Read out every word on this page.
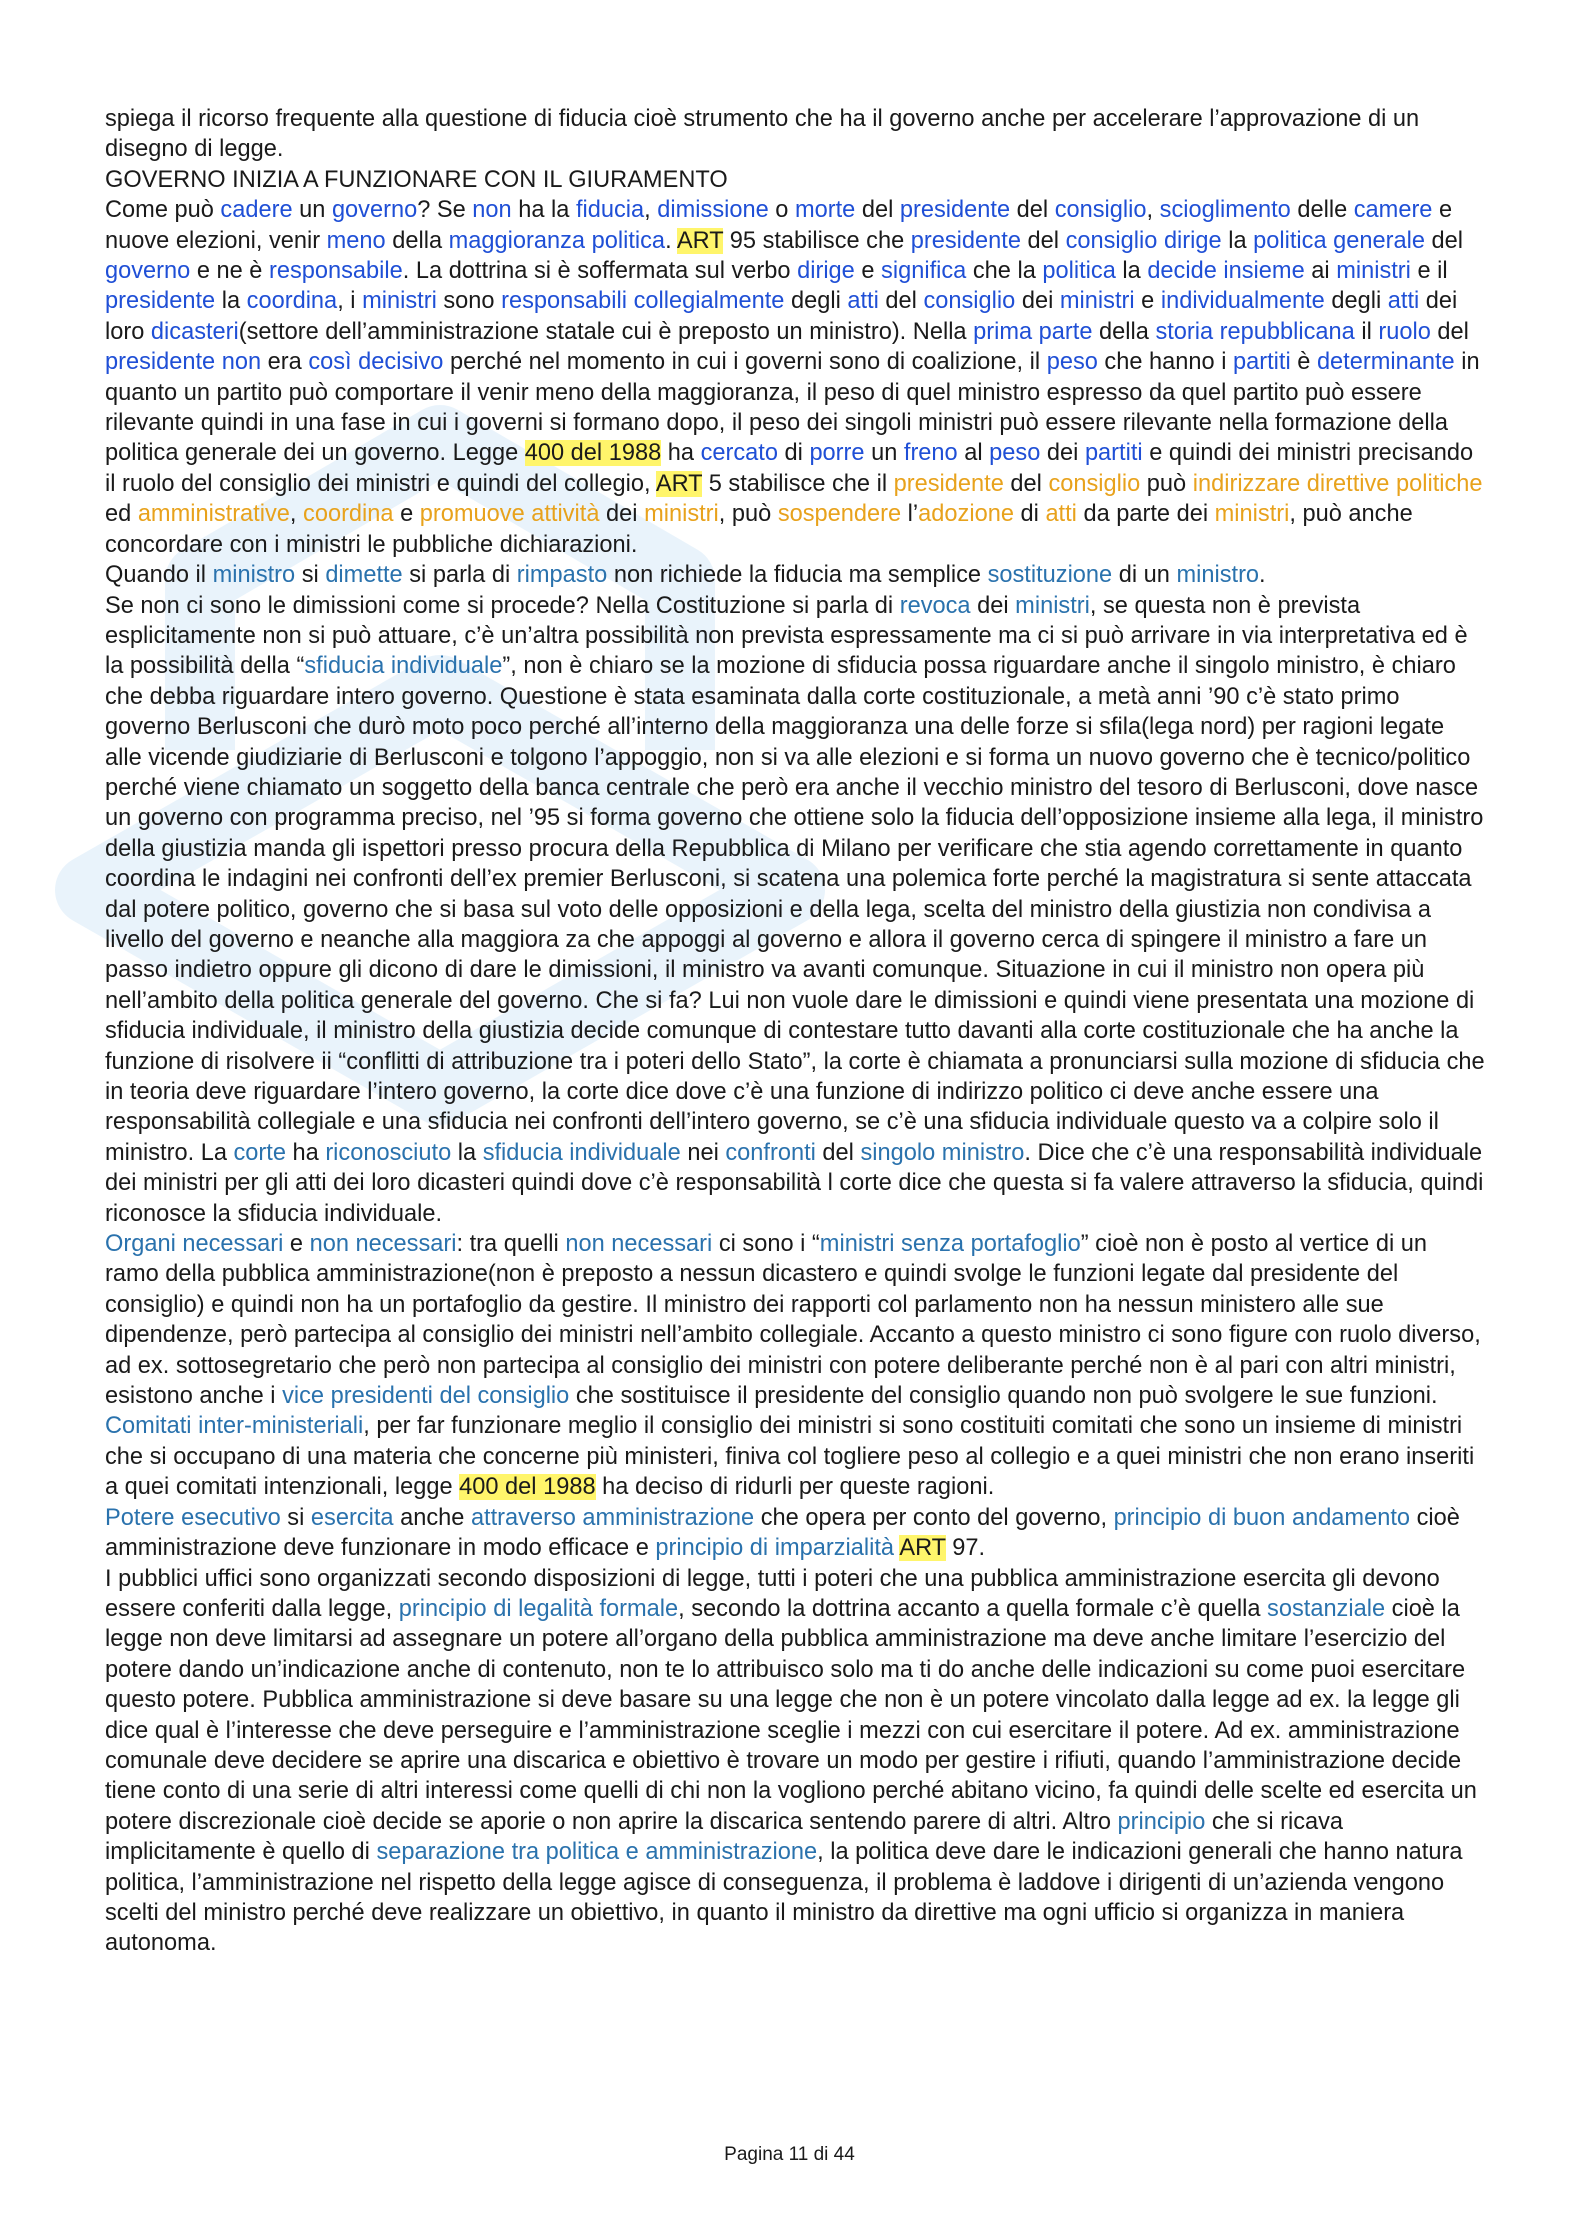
spiega il ricorso frequente alla questione di fiducia cioè strumento che ha il governo anche per accelerare l’approvazione di un disegno di legge.

GOVERNO INIZIA A FUNZIONARE CON IL GIURAMENTO

Come può cadere un governo? Se non ha la fiducia, dimissione o morte del presidente del consiglio, scioglimento delle camere e nuove elezioni, venir meno della maggioranza politica. ART 95 stabilisce che presidente del consiglio dirige la politica generale del governo e ne è responsabile. La dottrina si è soffermata sul verbo dirige e significa che la politica la decide insieme ai ministri e il presidente la coordina, i ministri sono responsabili collegialmente degli atti del consiglio dei ministri e individualmente degli atti dei loro dicasteri(settore dell’amministrazione statale cui è preposto un ministro). Nella prima parte della storia repubblicana il ruolo del presidente non era così decisivo perché nel momento in cui i governi sono di coalizione, il peso che hanno i partiti è determinante in quanto un partito può comportare il venir meno della maggioranza, il peso di quel ministro espresso da quel partito può essere rilevante quindi in una fase in cui i governi si formano dopo, il peso dei singoli ministri può essere rilevante nella formazione della politica generale dei un governo. Legge 400 del 1988 ha cercato di porre un freno al peso dei partiti e quindi dei ministri precisando il ruolo del consiglio dei ministri e quindi del collegio, ART 5 stabilisce che il presidente del consiglio può indirizzare direttive politiche ed amministrative, coordina e promuove attività dei ministri, può sospendere l’adozione di atti da parte dei ministri, può anche concordare con i ministri le pubbliche dichiarazioni.

Quando il ministro si dimette si parla di rimpasto non richiede la fiducia ma semplice sostituzione di un ministro.

Se non ci sono le dimissioni come si procede? Nella Costituzione si parla di revoca dei ministri, se questa non è prevista esplicitamente non si può attuare, c’è un’altra possibilità non prevista espressamente ma ci si può arrivare in via interpretativa ed è la possibilità della “sfiducia individuale”, non è chiaro se la mozione di sfiducia possa riguardare anche il singolo ministro, è chiaro che debba riguardare intero governo. Questione è stata esaminata dalla corte costituzionale, a metà anni ’90 c’è stato primo governo Berlusconi che durò moto poco perché all’interno della maggioranza una delle forze si sfila(lega nord) per ragioni legate alle vicende giudiziarie di Berlusconi e tolgono l’appoggio, non si va alle elezioni e si forma un nuovo governo che è tecnico/politico perché viene chiamato un soggetto della banca centrale che però era anche il vecchio ministro del tesoro di Berlusconi, dove nasce un governo con programma preciso, nel ’95 si forma governo che ottiene solo la fiducia dell’opposizione insieme alla lega, il ministro della giustizia manda gli ispettori presso procura della Repubblica di Milano per verificare che stia agendo correttamente in quanto coordina le indagini nei confronti dell’ex premier Berlusconi, si scatena una polemica forte perché la magistratura si sente attaccata dal potere politico, governo che si basa sul voto delle opposizioni e della lega, scelta del ministro della giustizia non condivisa a livello del governo e neanche alla maggiora za che appoggi al governo e allora il governo cerca di spingere il ministro a fare un passo indietro oppure gli dicono di dare le dimissioni, il ministro va avanti comunque. Situazione in cui il ministro non opera più nell’ambito della politica generale del governo. Che si fa? Lui non vuole dare le dimissioni e quindi viene presentata una mozione di sfiducia individuale, il ministro della giustizia decide comunque di contestare tutto davanti alla corte costituzionale che ha anche la funzione di risolvere ii “conflitti di attribuzione tra i poteri dello Stato”, la corte è chiamata a pronunciarsi sulla mozione di sfiducia che in teoria deve riguardare l’intero governo, la corte dice dove c’è una funzione di indirizzo politico ci deve anche essere una responsabilità collegiale e una sfiducia nei confronti dell’intero governo, se c’è una sfiducia individuale questo va a colpire solo il ministro. La corte ha riconosciuto la sfiducia individuale nei confronti del singolo ministro. Dice che c’è una responsabilità individuale dei ministri per gli atti dei loro dicasteri quindi dove c’è responsabilità l corte dice che questa si fa valere attraverso la sfiducia, quindi riconosce la sfiducia individuale.

Organi necessari e non necessari: tra quelli non necessari ci sono i “ministri senza portafoglio” cioè non è posto al vertice di un ramo della pubblica amministrazione(non è preposto a nessun dicastero e quindi svolge le funzioni legate dal presidente del consiglio) e quindi non ha un portafoglio da gestire. Il ministro dei rapporti col parlamento non ha nessun ministero alle sue dipendenze, però partecipa al consiglio dei ministri nell’ambito collegiale. Accanto a questo ministro ci sono figure con ruolo diverso, ad ex. sottosegretario che però non partecipa al consiglio dei ministri con potere deliberante perché non è al pari con altri ministri, esistono anche i vice presidenti del consiglio che sostituisce il presidente del consiglio quando non può svolgere le sue funzioni. Comitati inter-ministeriali, per far funzionare meglio il consiglio dei ministri si sono costituiti comitati che sono un insieme di ministri che si occupano di una materia che concerne più ministeri, finiva col togliere peso al collegio e a quei ministri che non erano inseriti a quei comitati intenzionali, legge 400 del 1988 ha deciso di ridurli per queste ragioni.

Potere esecutivo si esercita anche attraverso amministrazione che opera per conto del governo, principio di buon andamento cioè amministrazione deve funzionare in modo efficace e principio di imparzialità ART 97.

I pubblici uffici sono organizzati secondo disposizioni di legge, tutti i poteri che una pubblica amministrazione esercita gli devono essere conferiti dalla legge, principio di legalità formale, secondo la dottrina accanto a quella formale c’è quella sostanziale cioè la legge non deve limitarsi ad assegnare un potere all’organo della pubblica amministrazione ma deve anche limitare l’esercizio del potere dando un’indicazione anche di contenuto, non te lo attribuisco solo ma ti do anche delle indicazioni su come puoi esercitare questo potere. Pubblica amministrazione si deve basare su una legge che non è un potere vincolato dalla legge ad ex. la legge gli dice qual è l’interesse che deve perseguire e l’amministrazione sceglie i mezzi con cui esercitare il potere. Ad ex. amministrazione comunale deve decidere se aprire una discarica e obiettivo è trovare un modo per gestire i rifiuti, quando l’amministrazione decide tiene conto di una serie di altri interessi come quelli di chi non la vogliono perché abitano vicino, fa quindi delle scelte ed esercita un potere discrezionale cioè decide se aporie o non aprire la discarica sentendo parere di altri. Altro principio che si ricava implicitamente è quello di separazione tra politica e amministrazione, la politica deve dare le indicazioni generali che hanno natura politica, l’amministrazione nel rispetto della legge agisce di conseguenza, il problema è laddove i dirigenti di un’azienda vengono scelti del ministro perché deve realizzare un obiettivo, in quanto il ministro da direttive ma ogni ufficio si organizza in maniera autonoma.

Pagina 11 di 44
